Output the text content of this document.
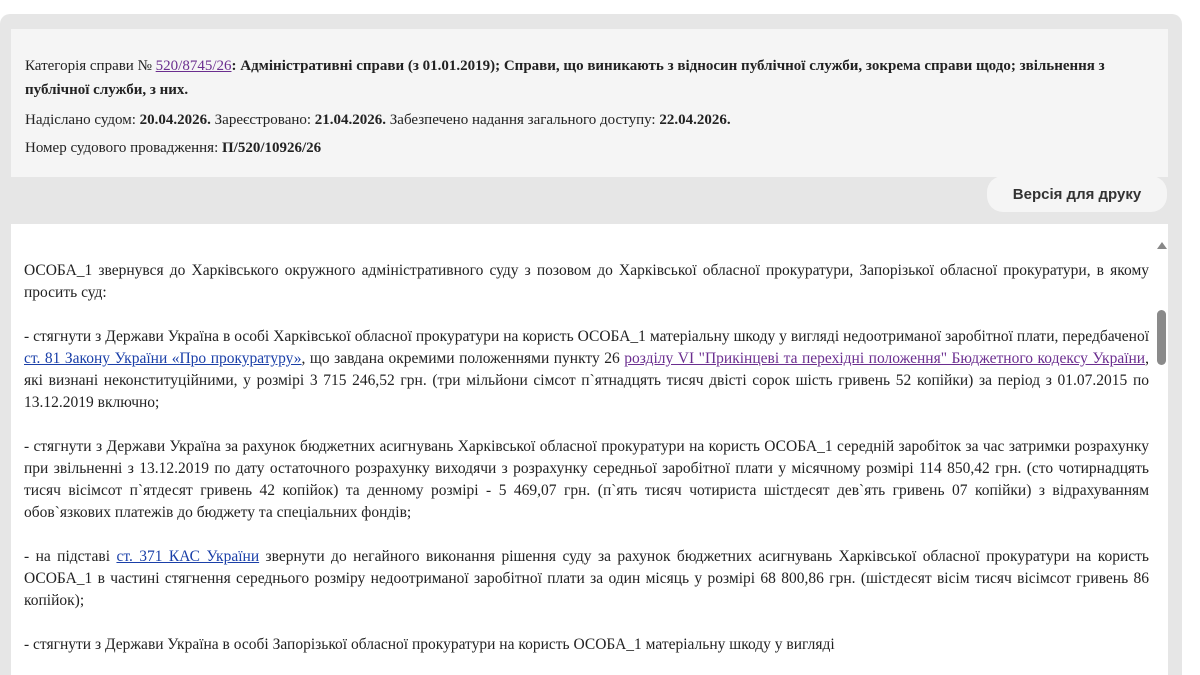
Категорія справи № 520/8745/26: Адміністративні справи (з 01.01.2019); Справи, що виникають з відносин публічної служби, зокрема справи щодо; звільнення з публічної служби, з них.

Надіслано судом: 20.04.2026. Зареєстровано: 21.04.2026. Забезпечено надання загального доступу: 22.04.2026.

Номер судового провадження: П/520/10926/26

Версія для друку

ОСОБА_1 звернувся до Харківського окружного адміністративного суду з позовом до Харківської обласної прокуратури, Запорізької обласної прокуратури, в якому просить суд:

- стягнути з Держави Україна в особі Харківської обласної прокуратури на користь ОСОБА_1 матеріальну шкоду у вигляді недоотриманої заробітної плати, передбаченої ст. 81 Закону України «Про прокуратуру», що завдана окремими положеннями пункту 26 розділу VI "Прикінцеві та перехідні положення" Бюджетного кодексу України, які визнані неконституційними, у розмірі 3 715 246,52 грн. (три мільйони сімсот п`ятнадцять тисяч двісті сорок шість гривень 52 копійки) за період з 01.07.2015 по 13.12.2019 включно;

- стягнути з Держави Україна за рахунок бюджетних асигнувань Харківської обласної прокуратури на користь ОСОБА_1 середній заробіток за час затримки розрахунку при звільненні з 13.12.2019 по дату остаточного розрахунку виходячи з розрахунку середньої заробітної плати у місячному розмірі 114 850,42 грн. (сто чотирнадцять тисяч вісімсот п`ятдесят гривень 42 копійок) та денному розмірі - 5 469,07 грн. (п`ять тисяч чотириста шістдесят дев`ять гривень 07 копійки) з відрахуванням обов`язкових платежів до бюджету та спеціальних фондів;

- на підставі ст. 371 КАС України звернути до негайного виконання рішення суду за рахунок бюджетних асигнувань Харківської обласної прокуратури на користь ОСОБА_1 в частині стягнення середнього розміру недоотриманої заробітної плати за один місяць у розмірі 68 800,86 грн. (шістдесят вісім тисяч вісімсот гривень 86 копійок);

- стягнути з Держави Україна в особі Запорізької обласної прокуратури на користь ОСОБА_1 матеріальну шкоду у вигляді
